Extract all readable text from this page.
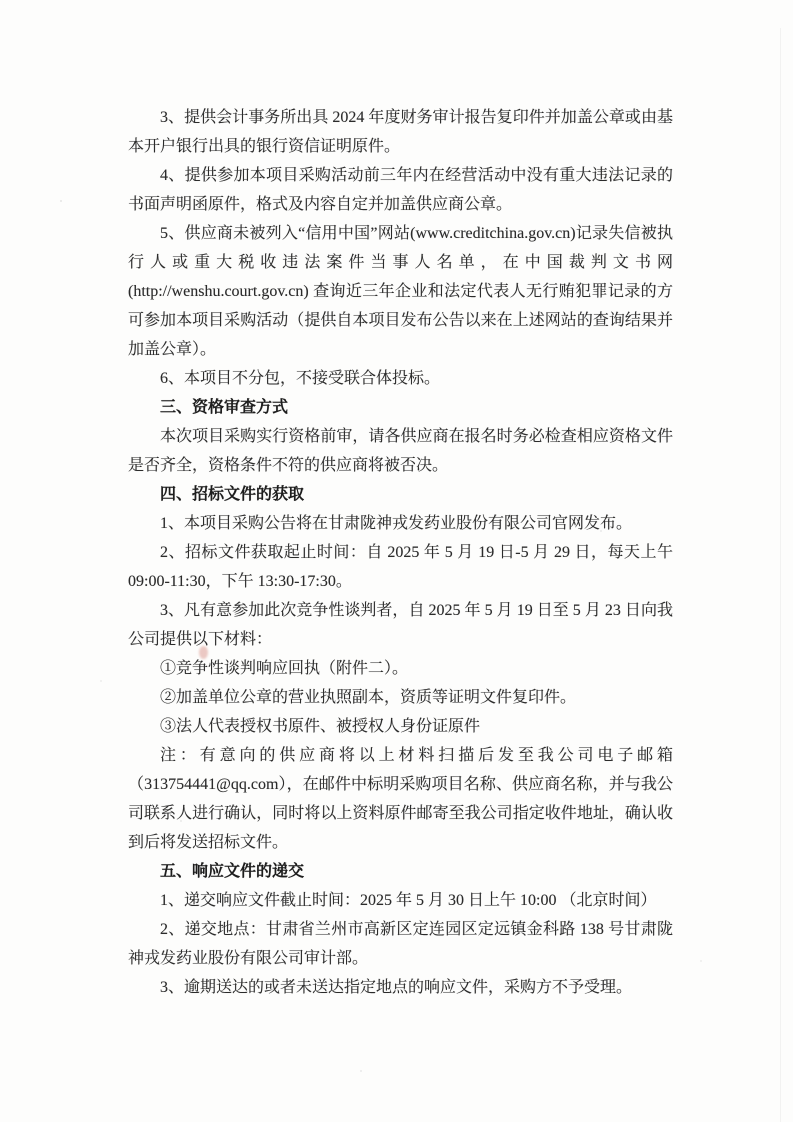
3、提供会计事务所出具 2024 年度财务审计报告复印件并加盖公章或由基本开户银行出具的银行资信证明原件。

4、提供参加本项目采购活动前三年内在经营活动中没有重大违法记录的书面声明函原件，格式及内容自定并加盖供应商公章。

5、供应商未被列入“信用中国”网站(www.creditchina.gov.cn)记录失信被执行人或重大税收违法案件当事人名单，在中国裁判文书网(http://wenshu.court.gov.cn) 查询近三年企业和法定代表人无行贿犯罪记录的方可参加本项目采购活动（提供自本项目发布公告以来在上述网站的查询结果并加盖公章）。

6、本项目不分包，不接受联合体投标。

三、资格审查方式

本次项目采购实行资格前审，请各供应商在报名时务必检查相应资格文件是否齐全，资格条件不符的供应商将被否决。

四、招标文件的获取

1、本项目采购公告将在甘肃陇神戎发药业股份有限公司官网发布。

2、招标文件获取起止时间：自 2025 年 5 月 19 日-5 月 29 日，每天上午 09:00-11:30，下午 13:30-17:30。

3、凡有意参加此次竞争性谈判者，自 2025 年 5 月 19 日至 5 月 23 日向我公司提供以下材料：

①竞争性谈判响应回执（附件二）。

②加盖单位公章的营业执照副本，资质等证明文件复印件。

③法人代表授权书原件、被授权人身份证原件

注：有意向的供应商将以上材料扫描后发至我公司电子邮箱（313754441@qq.com），在邮件中标明采购项目名称、供应商名称，并与我公司联系人进行确认，同时将以上资料原件邮寄至我公司指定收件地址，确认收到后将发送招标文件。

五、响应文件的递交

1、递交响应文件截止时间：2025 年 5 月 30 日上午 10:00 （北京时间）

2、递交地点：甘肃省兰州市高新区定连园区定远镇金科路 138 号甘肃陇神戎发药业股份有限公司审计部。

3、逾期送达的或者未送达指定地点的响应文件，采购方不予受理。
